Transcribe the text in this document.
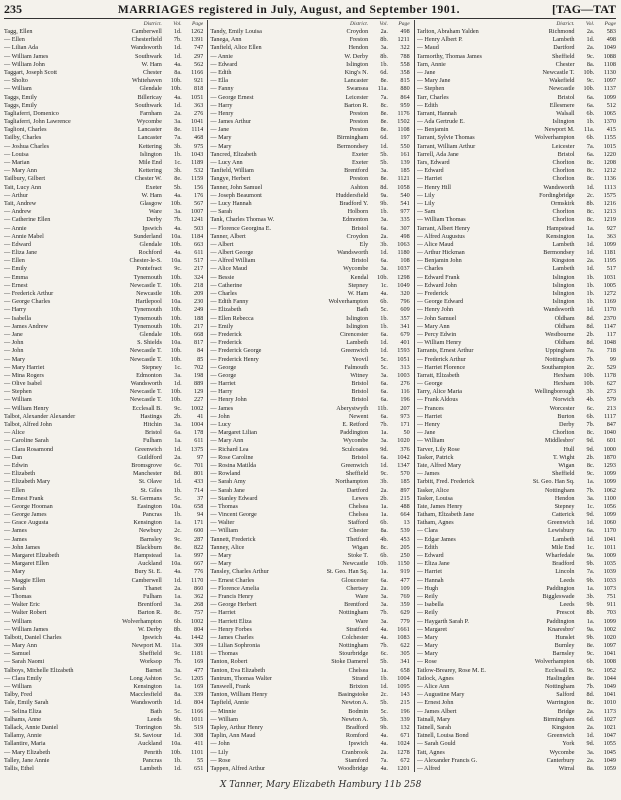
235	MARRIAGES registered in July, August, and September 1901.	[TAG—TAT
District.	Vol.	Page
Tagg, Ellen	Camberwell	1d.	1262
— Ellen	Chesterfield	7b.	1391
— Lilian Ada	Wandsworth	1d.	747
— William James	Southwark	1d.	297
— William John	W. Ham	4a.	562
Taggart, Joseph Scott	Chester	8a.	1166
— Sholto	Whitehaven	10b.	921
— William	Glendale	10b.	818
Taggs, Emily	Billericay	4a.	1051
Taggs, Emily	Southwark	1d.	363
Tagliaferri, Domenico	Farnham	2a.	276
Tagliaferri, John Lawrence	Wycombe	3a.	1041
Taglioni, Charles	Lancaster	8e.	1114
Tailby, Charles	Lancaster	7a.	468
— Joshua Charles	Kettering	3b.	975
— Louisa	Islington	1b.	1043
— Marian	Mile End	1c.	1189
— Mary Ann	Kettering	3b.	532
Tailbury, Gilbert	Chester W.	8e.	1159
Tait, Lucy Ann	Exeter	5b.	156
— Arthur	W. Ham	4a.	176
Tait, Andrew	Glasgow	10b.	567
— Andrew	Ware	3a.	1007
— Catherine Ellen	Derby	7b.	1241
— Annie	Ipswich	4a.	503
— Annie Mabel	Sunderland	10a.	1184
— Edward	Glendale	10b.	663
— Eliza Jane	Rochford	4a.	611
— Ellen	Chester-le-S.	10a.	517
— Emily	Pontefract	9c.	217
— Emma	Tynemouth	10b.	324
— Ernest	Newcastle T.	10b.	218
— Frederick Arthur	Newcastle	10b.	209
— George Charles	Hartlepool	10a.	230
— Harry	Tynemouth	10b.	249
— Isabella	Tynemouth	10b.	188
— James Andrew	Tynemouth	10b.	217
— Jane	Glendale	10b.	668
— John	S. Shields	10a.	817
— John	Newcastle T.	10b.	84
— Mary	Newcastle T.	10b.	85
— Mary Harriet	Stepney	1c.	702
— Mina Rogers	Edmonton	3a.	198
— Olive Isabel	Wandsworth	1d.	889
— Stephen	Newcastle T.	10b.	129
— William	Newcastle T.	10b.	227
— William Henry	Ecclesall B.	9c.	1002
Talbot, Alexander Alexander	Hastings	2b.	41
Talbot, Alfred John	Hitchin	3a.	1004
— Alice	Bristol	6a.	178
— Caroline Sarah	Fulham	1a.	611
— Clara Rosamond	Greenwich	1d.	1375
— Dan	Guildford	2a.	97
— Edwin	Bromsgrove	6c.	701
— Elizabeth	Manchester	8d.	801
— Elizabeth Mary	St. Olave	1d.	433
— Ellen	St. Giles	1b.	714
— Ernest Frank	St. Germans	5c.	37
— George Hooman	Easington	10a.	658
— George James	Pancras	1b.	94
— Grace Augusta	Kensington	1a.	171
— James	Newbury	2c.	600
— James	Barnsley	9c.	287
— John James	Blackburn	8e.	822
— Margaret Elizabeth	Hampstead	1a.	997
— Margaret Ellen	Auckland	10a.	667
— Mary	Bury St. E.	4a.	776
— Maggie Ellen	Camberwell	1d.	1170
— Sarah	Thanet	2a.	860
— Thomas	Fulham	1a.	362
— Walter Eric	Brentford	3a.	268
— Walter Robert	Barton R.	8c.	757
— William	Wolverhampton	6b.	1002
— William James	W. Derby	8b.	804
Talbott, Daniel Charles	Ipswich	4a.	1442
— Mary Ann	Newport M.	11a.	309
— Samuel	Sheffield	9c.	1181
— Sarah Naomi	Worksop	7b.	169
Talboys, Michelle Elizabeth	Barnet	3a.	477
— Clara Emily	Long Ashton	5c.	1205
— William	Kensington	1a.	169
Talby, Fred	Macclesfield	8a.	339
Tale, Emily Sarah	Wandsworth	1d.	804
— Selina Eliza	Bath	5c.	1166
Talhams, Anne	Leeds	9b.	1011
Tallack, Annie Daniel	Torrington	5b.	519
Tallamy, Annie	St. Saviour	1d.	308
Tallantire, Maria	Auckland	10a.	411
— Mary Elizabeth	Penrith	10b.	1101
Talley, Jane Annie	Pancras	1b.	55
Tallis, Ethel	Lambeth	1d.	651
District.	Vol.	Page
Tandy, Emily Louisa	Croydon	2a.	498
Tanega, Ann	Freston	8b.	1211
Tanfield, Alice Ellen	Hendon	3a.	322
— Annie	W. Derby	8b.	788
— Edward	Islington	1b.	558
— Edith	King's N.	6d.	358
— Ella	Lancaster	8e.	815
— Fanny	Swansea	11a.	880
— George Ernest	Leicester	7a.	864
— Harry	Barton R.	8c.	959
— Henry	Preston	8e.	1176
— James Arthur	Preston	8e.	1502
— Jane	Preston	8e.	1108
— Mary	Birmingham	6d.	197
— Mary	Bermondsey	1d.	550
Tancred, Elizabeth	Exeter	5b.	161
— Lucy Ann	Exeter	5b.	139
Tanfield, William	Brentford	3a.	185
Tangye, Herbert	Preston	8e.	1121
Tanner, John Samuel	Ashton	8d.	1058
— Joseph Beaumont	Huddersfield	9a.	540
— Lucy Hannah	Bradford Y.	9b.	541
— Sarah	Holborn	1b.	977
Tank, Charles Thomas W.	Edmonton	3a.	335
— Florence Georgina E.	Bristol	6a.	307
Tanner, Albert	Croydon	2a.	498
— Albert	Ely	3b.	1063
— Albert George	Wandsworth	1d.	1180
— Alfred William	Bristol	6a.	108
— Alice Maud	Wycombe	3a.	1037
— Bessie	Kendal	10b.	1298
— Catherine	Stepney	1c.	1049
— Charles	W. Ham	4a.	320
— Edith Fanny	Wolverhampton	6b.	796
— Elizabeth	Bath	5c.	609
— Ellen Rebecca	Islington	1b.	357
— Emily	Islington	1b.	341
— Frederick	Cirencester	6a.	679
— Frederick	Lambeth	1d.	401
— Frederick George	Greenwich	1d.	1593
— Frederick Henry	Yeovil	5c.	1051
— George	Falmouth	5c.	313
— George	Witney	3a.	1003
— Harriet	Bristol	6a.	276
— Harry	Bristol	6a.	116
— Henry John	Bristol	6a.	196
— James	Aberystwyth	11b.	207
— John	Newent	6a.	973
— Lucy	E. Retford	7b.	171
— Margaret Lilian	Paddington	1a.	50
— Mary Ann	Wycombe	3a.	1020
— Richard Lea	Sculcoates	9d.	376
— Rose Caroline	Bristol	6a.	1042
— Rosina Matilda	Greenwich	1d.	1347
— Rowland	Sheffield	9c.	570
— Sarah Amy	Northampton	3b.	185
— Sarah Jane	Dartford	2a.	897
— Stanley Edward	Lewes	2b.	215
— Thomas	Chelsea	1a.	488
— Vincent George	Chelsea	1a.	664
— Walter	Stafford	6b.	13
— William	Chester	8a.	539
Tannett, Frederick	Thetford	4b.	453
Tanney, Alice	Wigan	8c.	205
— Mary	Stoke T.	6b.	250
— Mary	Newcastle	10b.	1150
Tansley, Charles Arthur	St. Geo. Han Sq.	1a.	919
— Ernest Charles	Gloucester	6a.	477
— Florence Amelia	Chertsey	2a.	109
— Francis Henry	Ware	3a.	769
— George Herbert	Brentford	3a.	359
— Harriet	Nottingham	7b.	629
— Harriett Eliza	Ware	3a.	779
— Henry Forbes	Stratford	4a.	1661
— James Charles	Colchester	4a.	1083
— Lilian Sophronia	Nottingham	7b.	622
— Thomas	Stourbridge	6c.	305
Tanton, Robert	Stoke Damerel	5b.	341
Tanton, Eva Elizabeth	Chelsea	1a.	658
Tantrum, Thomas Walter	Strand	1b.	1004
Tanswell, Frank	Brixton	1d.	1095
Tanton, William Henry	Basingstoke	2c.	143
Tapfield, Annie	Newton A.	5b.	215
— Minnie	Bodmin	5c.	196
— William	Newton A.	5b.	339
Tapley, Arthur Henry	Bradford	9b.	132
Taplin, Ann Maud	Romford	4a.	671
— John	Ipswich	4a.	1024
— Lily	Cranbrook	2a.	1278
— Rose	Stamford	7a.	672
Tappen, Alfred Arthur	Woodbridge	4a.	1201
District.	Vol.	Page
Tarlton, Abraham Yalden	Richmond	2a.	583
— Henry Albert P.	Lambeth	1d.	498
— Maud	Dartford	2a.	1049
Tarmorthy, Thomas James	Sheffield	9c.	1088
Tarn, Annie	Chester	8a.	1108
— Jane	Newcastle T.	10b.	1130
— Mary Jane	Wakefield	9c.	1097
— Stephen	Newcastle	10b.	1137
Tarr, Charles	Bristol	6a.	1099
— Edith	Ellesmere	6a.	512
Tarrant, Hannah	Walsall	6b.	1065
— Ada Gertrude E.	Islington	1b.	1370
— Benjamin	Newport M.	11a.	415
Tarrant, Sylvie Thomas	Wolverhampton	6b.	1155
Tarrant, William Arthur	Leicester	7a.	1015
Tarrell, Ada Jane	Bristol	6a.	1220
Tars, Edward	Chorlton	8c.	1208
— Edward	Chorlton	8c.	1212
— Harriet	Chorlton	8c.	1136
— Henry Hill	Wandsworth	1d.	1113
— Lily	Fordingbridge	2c.	1575
— Lily	Ormskirk	8b.	1216
— Sam	Chorlton	8c.	1213
— William Thomas	Chorlton	8c.	1219
Tarrant, Albert Henry	Hampstead	1a.	927
— Alfred Augustus	Kensington	1a.	363
— Alice Maud	Lambeth	1d.	1099
— Arthur Hickman	Bermondsey	1d.	1181
— Benjamin John	Kingston	2a.	1195
— Charles	Lambeth	1d.	517
— Edward Frank	Islington	1b.	1031
— Edward John	Islington	1b.	1005
— Frederick	Islington	1b.	1272
— George Edward	Islington	1b.	1169
— Henry John	Wandsworth	1d.	1170
— John Samuel	Oldham	8d.	2370
— Mary Ann	Oldham	8d.	1147
— Percy Edwin	Westbourne	2b.	117
— William Henry	Oldham	8d.	1048
Tarrants, Ernest Arthur	Uppingham	7a.	718
— Frederick Arthur	Nottingham	7b.	99
— Harriet Florence	Southampton	2c.	529
Tarratt, Elizabeth	Hexham	10b.	1178
— George	Hexham	10b.	627
Tarry, Alice Maria	Wellingborough	3b.	273
— Frank Aldous	Norwich	4b.	579
— Frances	Worcester	6c.	213
— Harriet	Burton	6b.	1117
— Henry	Derby	7b.	847
— Jane	Chorlton	8c.	1040
— William	Middlesbro'	9d.	601
Tarver, Lily Rose	Hull	9d.	1000
Tasker, Patrick	T. Wight	2b.	1870
Tate, Alfred Mary	Wigan	8c.	1293
— James	Sheffield	9c.	1099
Tarbitt, Fred. Frederick	St. Geo. Han Sq.	1a.	1099
Tasker, Alice	Nottingham	7b.	1062
Tasker, Louisa	Hendon	3a.	1100
Tate, James Henry	Stepney	1c.	1056
Tatham, Elizabeth Jane	Catterick	9d.	1099
Tatham, Agnes	Greenwich	1d.	1060
— Clara	Lewisbury	6a.	1170
— Edgar James	Lambeth	1d.	1041
— Edith	Mile End	1c.	1011
— Edward	Wharfedale	9a.	1009
— Eliza Jane	Bradford	9b.	1035
— Harriet	Lincoln	7a.	1039
— Hannah	Leeds	9b.	1033
— Hugh	Paddington	1a.	1073
— Reily	Biggleswade	3b.	751
— Isabella	Leeds	9b.	911
— Reily	Prescot	8b.	703
— Haygarth Sarah P.	Paddington	1a.	1099
— Margaret	Knaresbro'	9a.	1002
— Mary	Hunslet	9b.	1020
— Mary	Burnley	8e.	1097
— Mary	Barnsley	9c.	1041
— Rose	Wolverhampton	6b.	1008
Tatlow-Brearey, Rose M. E.	Ecclesall B.	9c.	1052
Tatlock, Agnes	Haslingden	8e.	1044
— Alice Ann	Nottingham	7b.	1049
— Augustine Mary	Salford	8d.	1041
— Ernest John	Warrington	8c.	1010
— James Albert	Bridge	2a.	1173
Tatnall, Mary	Birmingham	6d.	1027
Tatnell, Sarah	Kingston	2a.	1021
Tatnell, Louisa Bond	Greenwich	1d.	1047
— Sarah Gould	York	9d.	1055
Tatt, Agnes	Wycombe	3a.	1045
— Alexander Francis G.	Canterbury	2a.	1049
— Alfred	Wirral	8a.	1059
X Tanner, Mary Elizabeth Hambury 11b 258
